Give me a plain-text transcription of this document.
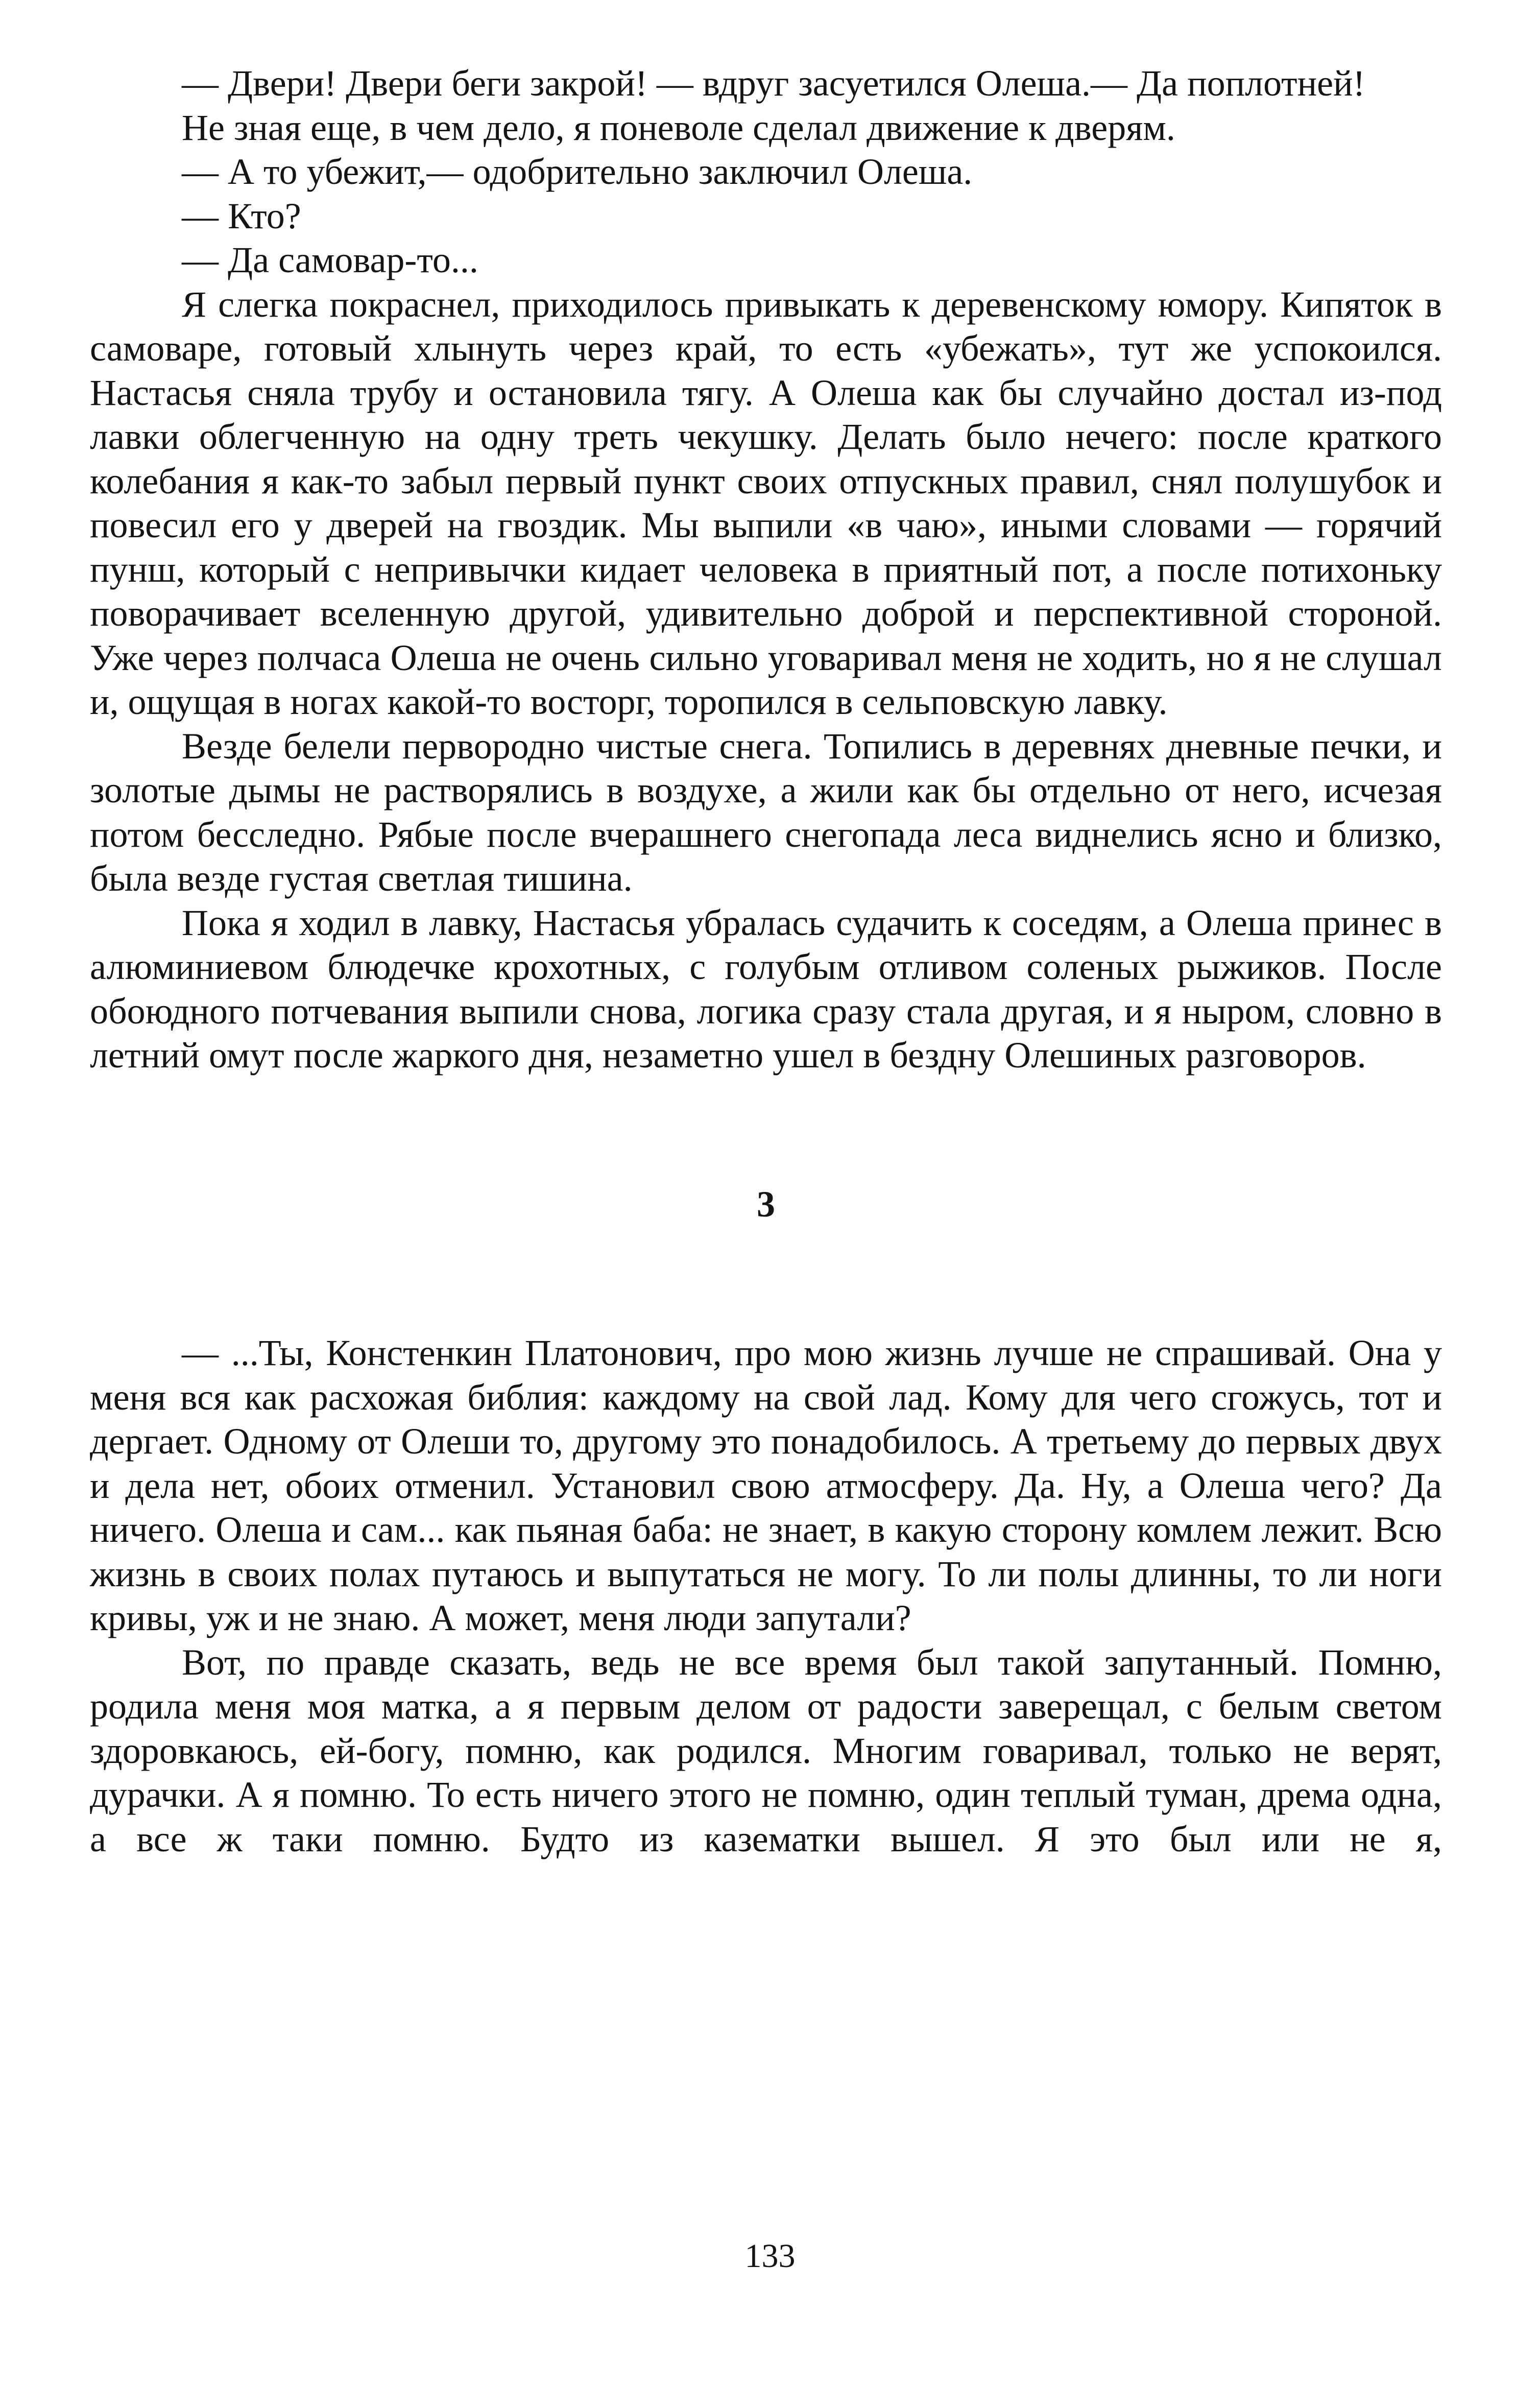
— Двери! Двери беги закрой! — вдруг засуетился Олеша.— Да поплотней!

Не зная еще, в чем дело, я поневоле сделал движение к дверям.

— А то убежит,— одобрительно заключил Олеша.

— Кто?

— Да самовар-то...

Я слегка покраснел, приходилось привыкать к деревенскому юмору. Кипяток в самоваре, готовый хлынуть через край, то есть «убежать», тут же успокоился. Настасья сняла трубу и остановила тягу. А Олеша как бы случайно достал из-под лавки облегченную на одну треть чекушку. Делать было нечего: после краткого колебания я как-то забыл первый пункт своих отпускных правил, снял полушубок и повесил его у дверей на гвоздик. Мы выпили «в чаю», иными словами — горячий пунш, который с непривычки кидает человека в приятный пот, а после потихоньку поворачивает вселенную другой, удивительно доброй и перспективной стороной. Уже через полчаса Олеша не очень сильно уговаривал меня не ходить, но я не слушал и, ощущая в ногах какой-то восторг, торопился в сельповскую лавку.

Везде белели первородно чистые снега. Топились в деревнях дневные печки, и золотые дымы не растворялись в воздухе, а жили как бы отдельно от него, исчезая потом бесследно. Рябые после вчерашнего снегопада леса виднелись ясно и близко, была везде густая светлая тишина.

Пока я ходил в лавку, Настасья убралась судачить к соседям, а Олеша принес в алюминиевом блюдечке крохотных, с голубым отливом соленых рыжиков. После обоюдного потчевания выпили снова, логика сразу стала другая, и я ныром, словно в летний омут после жаркого дня, незаметно ушел в бездну Олешиных разговоров.

3

— ...Ты, Констенкин Платонович, про мою жизнь лучше не спрашивай. Она у меня вся как расхожая библия: каждому на свой лад. Кому для чего сгожусь, тот и дергает. Одному от Олеши то, другому это понадобилось. А третьему до первых двух и дела нет, обоих отменил. Установил свою атмосферу. Да. Ну, а Олеша чего? Да ничего. Олеша и сам... как пьяная баба: не знает, в какую сторону комлем лежит. Всю жизнь в своих полах путаюсь и выпутаться не могу. То ли полы длинны, то ли ноги кривы, уж и не знаю. А может, меня люди запутали?

Вот, по правде сказать, ведь не все время был такой запутанный. Помню, родила меня моя матка, а я первым делом от радости заверещал, с белым светом здоровкаюсь, ей-богу, помню, как родился. Многим говаривал, только не верят, дурачки. А я помню. То есть ничего этого не помню, один теплый туман, дрема одна, а все ж таки помню. Будто из казематки вышел. Я это был или не я,

133
